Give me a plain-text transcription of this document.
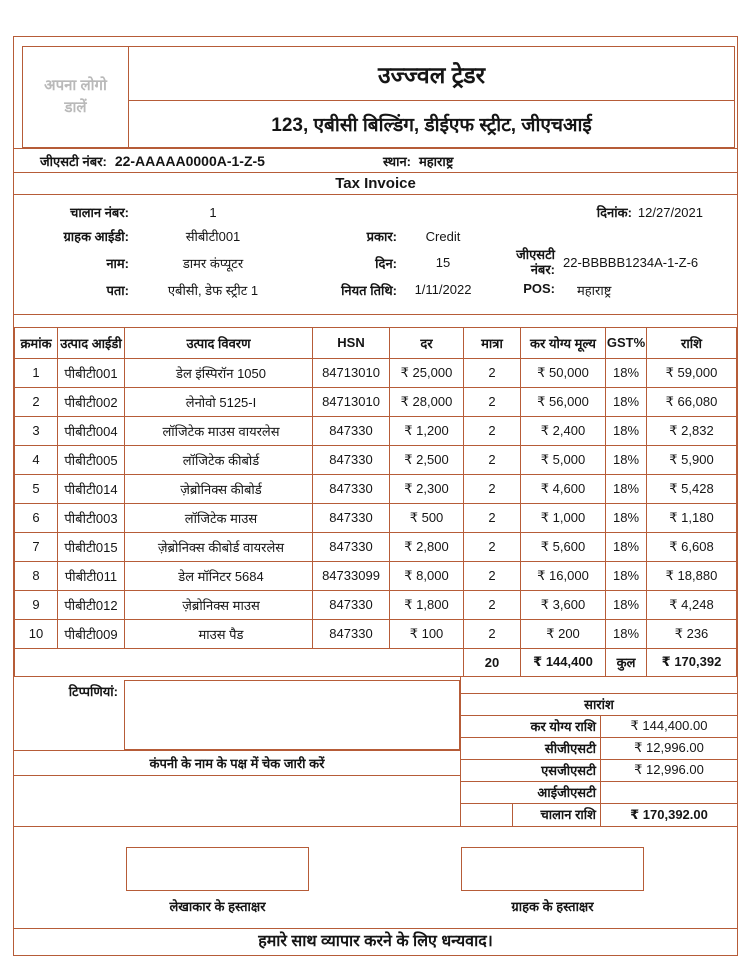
अपना लोगो डालें
उज्ज्वल ट्रेडर
123, एबीसी बिल्डिंग, डीईएफ स्ट्रीट, जीएचआई
जीएसटी नंबर: 22-AAAAA0000A-1-Z-5	स्थान: महाराष्ट्र
Tax Invoice
चालान नंबर:	1	दिनांक: 12/27/2021
ग्राहक आईडी:	सीबीटी001	प्रकार:	Credit
नाम:	डामर कंप्यूटर	दिन:	15
जीएसटी नंबर: 22-BBBBB1234A-1-Z-6
पता:	एबीसी, डेफ स्ट्रीट 1	नियत तिथि:	1/11/2022	POS:	महाराष्ट्र
क्रमांक	उत्पाद आईडी	उत्पाद विवरण	HSN	दर	मात्रा	कर योग्य मूल्य	GST%	राशि
1	पीबीटी001	डेल इंस्पिरॉन 1050	84713010	₹ 25,000	2	₹ 50,000	18%	₹ 59,000
2	पीबीटी002	लेनोवो 5125-I	84713010	₹ 28,000	2	₹ 56,000	18%	₹ 66,080
3	पीबीटी004	लॉजिटेक माउस वायरलेस	847330	₹ 1,200	2	₹ 2,400	18%	₹ 2,832
4	पीबीटी005	लॉजिटेक कीबोर्ड	847330	₹ 2,500	2	₹ 5,000	18%	₹ 5,900
5	पीबीटी014	ज़ेब्रोनिक्स कीबोर्ड	847330	₹ 2,300	2	₹ 4,600	18%	₹ 5,428
6	पीबीटी003	लॉजिटेक माउस	847330	₹ 500	2	₹ 1,000	18%	₹ 1,180
7	पीबीटी015	ज़ेब्रोनिक्स कीबोर्ड वायरलेस	847330	₹ 2,800	2	₹ 5,600	18%	₹ 6,608
8	पीबीटी011	डेल मॉनिटर 5684	84733099	₹ 8,000	2	₹ 16,000	18%	₹ 18,880
9	पीबीटी012	ज़ेब्रोनिक्स माउस	847330	₹ 1,800	2	₹ 3,600	18%	₹ 4,248
10	पीबीटी009	माउस पैड	847330	₹ 100	2	₹ 200	18%	₹ 236
					20	₹ 144,400	कुल	₹ 170,392
टिप्पणियां:
कंपनी के नाम के पक्ष में चेक जारी करें
सारांश
कर योग्य राशि	₹ 144,400.00
सीजीएसटी	₹ 12,996.00
एसजीएसटी	₹ 12,996.00
आईजीएसटी
चालान राशि	₹ 170,392.00
लेखाकार के हस्ताक्षर	ग्राहक के हस्ताक्षर
हमारे साथ व्यापार करने के लिए धन्यवाद।
